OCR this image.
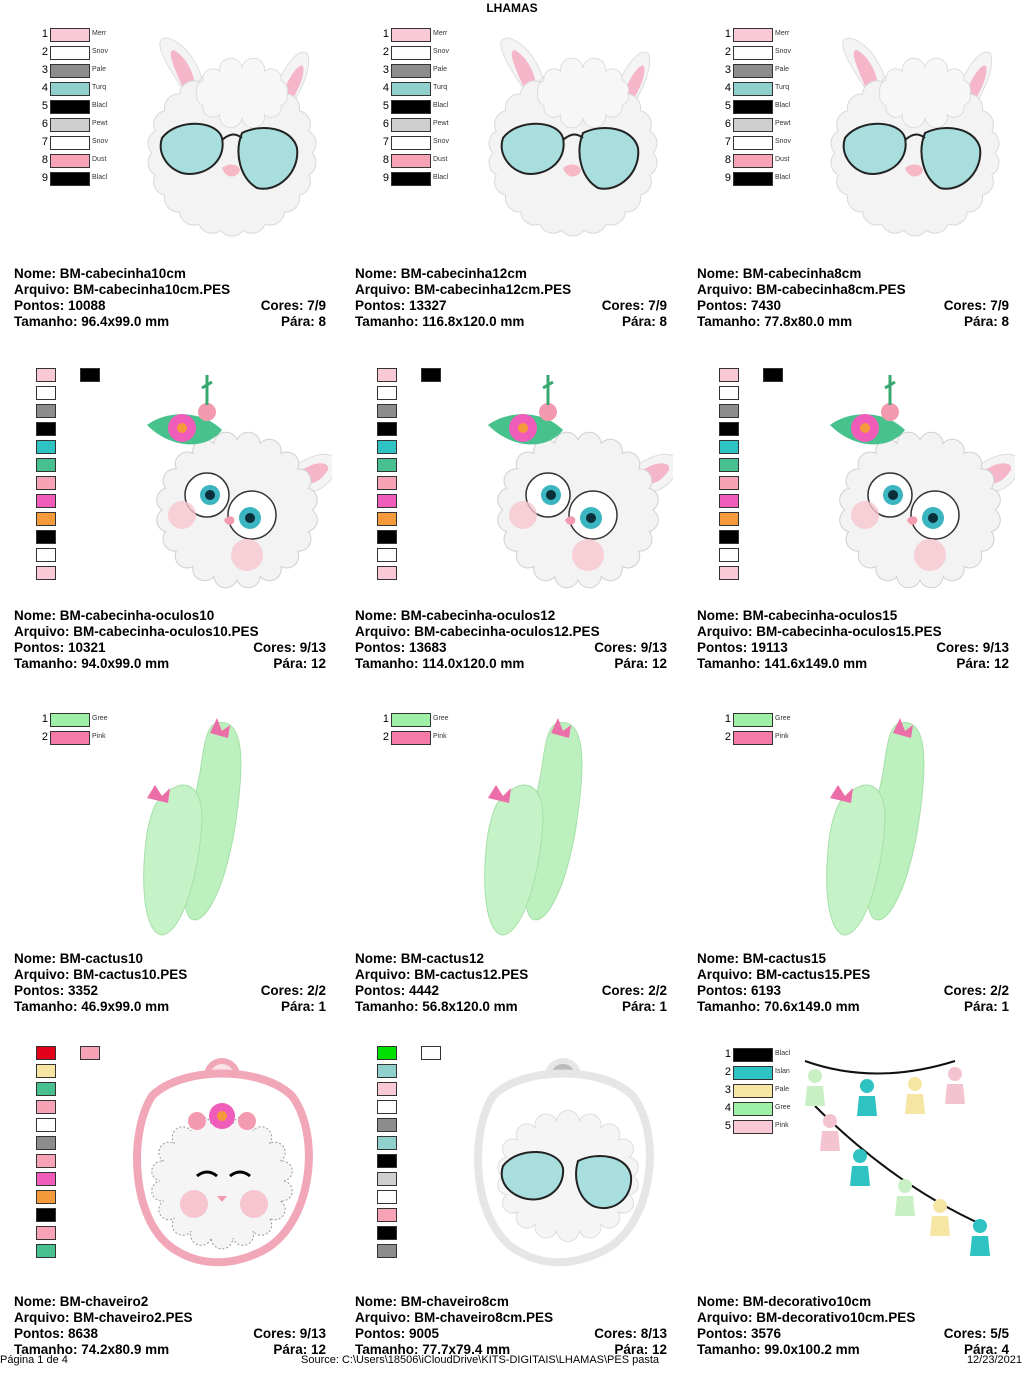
LHAMAS
1	Merr
2	Snov
3	Pale
4	Turq
5	Blacl
6	Pewt
7	Snov
8	Dust
9	Blacl
Nome: BM-cabecinha10cm
Arquivo: BM-cabecinha10cm.PES
Pontos: 10088	Cores: 7/9
Tamanho: 96.4x99.0 mm	Pára: 8
1	Merr
2	Snov
3	Pale
4	Turq
5	Blacl
6	Pewt
7	Snov
8	Dust
9	Blacl
Nome: BM-cabecinha12cm
Arquivo: BM-cabecinha12cm.PES
Pontos: 13327	Cores: 7/9
Tamanho: 116.8x120.0 mm	Pára: 8
1	Merr
2	Snov
3	Pale
4	Turq
5	Blacl
6	Pewt
7	Snov
8	Dust
9	Blacl
Nome: BM-cabecinha8cm
Arquivo: BM-cabecinha8cm.PES
Pontos: 7430	Cores: 7/9
Tamanho: 77.8x80.0 mm	Pára: 8
Nome: BM-cabecinha-oculos10
Arquivo: BM-cabecinha-oculos10.PES
Pontos: 10321	Cores: 9/13
Tamanho: 94.0x99.0 mm	Pára: 12
Nome: BM-cabecinha-oculos12
Arquivo: BM-cabecinha-oculos12.PES
Pontos: 13683	Cores: 9/13
Tamanho: 114.0x120.0 mm	Pára: 12
Nome: BM-cabecinha-oculos15
Arquivo: BM-cabecinha-oculos15.PES
Pontos: 19113	Cores: 9/13
Tamanho: 141.6x149.0 mm	Pára: 12
1	Gree
2	Pink
Nome: BM-cactus10
Arquivo: BM-cactus10.PES
Pontos: 3352	Cores: 2/2
Tamanho: 46.9x99.0 mm	Pára: 1
1	Gree
2	Pink
Nome: BM-cactus12
Arquivo: BM-cactus12.PES
Pontos: 4442	Cores: 2/2
Tamanho: 56.8x120.0 mm	Pára: 1
1	Gree
2	Pink
Nome: BM-cactus15
Arquivo: BM-cactus15.PES
Pontos: 6193	Cores: 2/2
Tamanho: 70.6x149.0 mm	Pára: 1
Nome: BM-chaveiro2
Arquivo: BM-chaveiro2.PES
Pontos: 8638	Cores: 9/13
Tamanho: 74.2x80.9 mm	Pára: 12
Nome: BM-chaveiro8cm
Arquivo: BM-chaveiro8cm.PES
Pontos: 9005	Cores: 8/13
Tamanho: 77.7x79.4 mm	Pára: 12
1	Blacl
2	Islan
3	Pale
4	Gree
5	Pink
Nome: BM-decorativo10cm
Arquivo: BM-decorativo10cm.PES
Pontos: 3576	Cores: 5/5
Tamanho: 99.0x100.2 mm	Pára: 4
Página 1 de 4	Source: C:\Users\18506\iCloudDrive\KITS-DIGITAIS\LHAMAS\PES pasta	12/23/2021
